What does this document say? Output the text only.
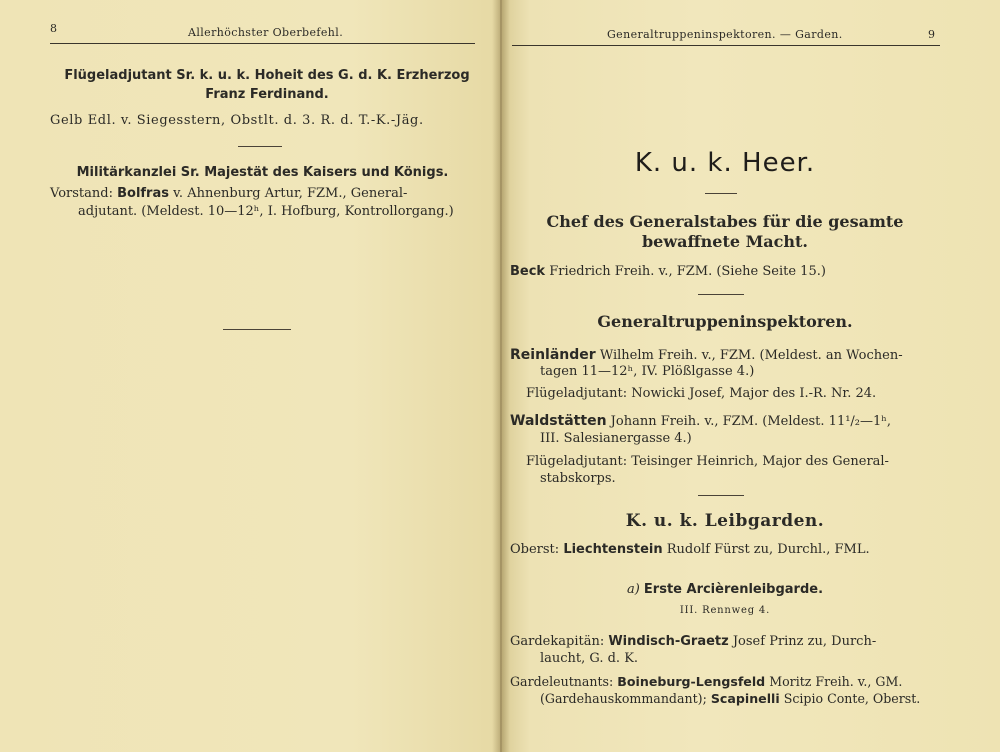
8	Allerhöchster Oberbefehl.
Flügeladjutant Sr. k. u. k. Hoheit des G. d. K. Erzherzog
Franz Ferdinand.
Gelb Edl. v. Siegesstern, Obstlt. d. 3. R. d. T.-K.-Jäg.
Militärkanzlei Sr. Majestät des Kaisers und Königs.
Vorstand: Bolfras v. Ahnenburg Artur, FZM., General-
adjutant. (Meldest. 10—12ʰ, I. Hofburg, Kontrollorgang.)
Generaltruppeninspektoren. — Garden.	9
K. u. k. Heer.
Chef des Generalstabes für die gesamte
bewaffnete Macht.
Beck Friedrich Freih. v., FZM. (Siehe Seite 15.)
Generaltruppeninspektoren.
Reinländer Wilhelm Freih. v., FZM. (Meldest. an Wochen-
tagen 11—12ʰ, IV. Plößlgasse 4.)
Flügeladjutant: Nowicki Josef, Major des I.-R. Nr. 24.
Waldstätten Johann Freih. v., FZM. (Meldest. 11¹/₂—1ʰ,
III. Salesianergasse 4.)
Flügeladjutant: Teisinger Heinrich, Major des General-
stabskorps.
K. u. k. Leibgarden.
Oberst: Liechtenstein Rudolf Fürst zu, Durchl., FML.
a) Erste Arcièrenleibgarde.
III. Rennweg 4.
Gardekapitän: Windisch-Graetz Josef Prinz zu, Durch-
laucht, G. d. K.
Gardeleutnants: Boineburg-Lengsfeld Moritz Freih. v., GM.
(Gardehauskommandant); Scapinelli Scipio Conte, Oberst.
